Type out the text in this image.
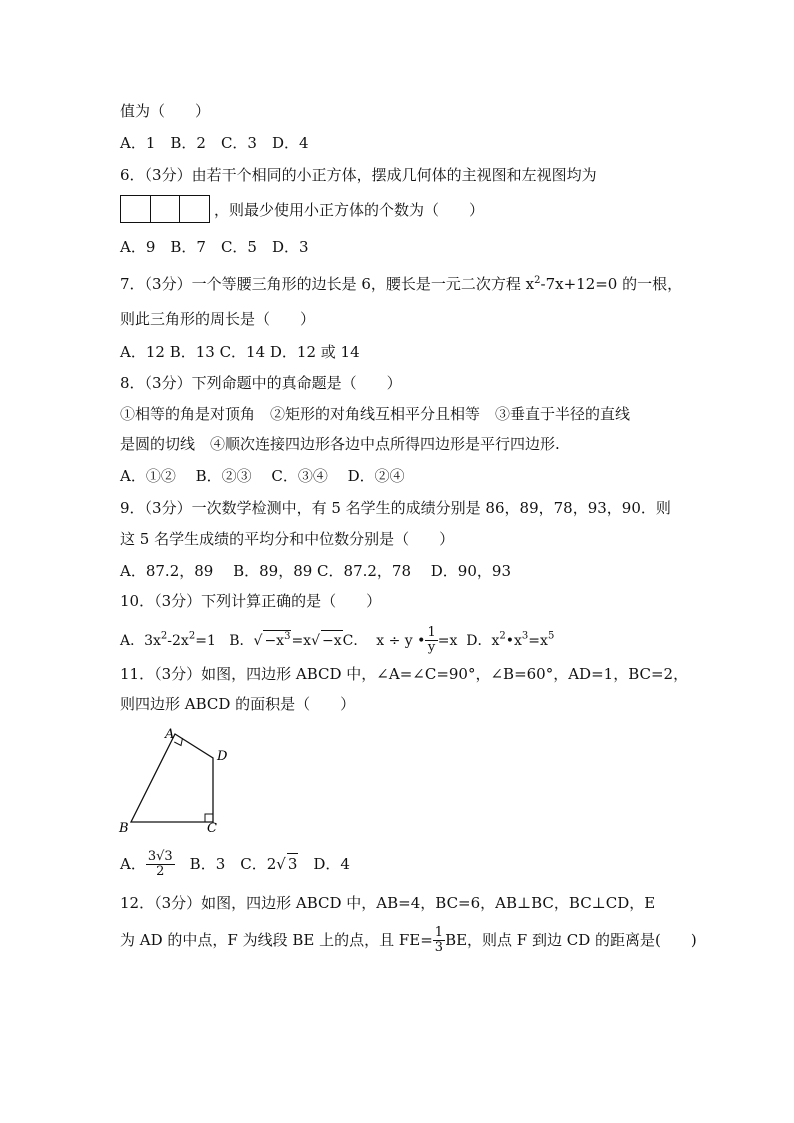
值为（　　）
A．1　B．2　C．3　D．4
6．（3分）由若干个相同的小正方体，摆成几何体的主视图和左视图均为
，则最少使用小正方体的个数为（　　）
A．9　B．7　C．5　D．3
7．（3分）一个等腰三角形的边长是 6，腰长是一元二次方程 $x^2-7x+12=0$ 的一根，
则此三角形的周长是（　　）
A．12 B．13 C．14 D．12 或 14
8．（3分）下列命题中的真命题是（　　）
①相等的角是对顶角　②矩形的对角线互相平分且相等　③垂直于半径的直线
是圆的切线　④顺次连接四边形各边中点所得四边形是平行四边形.
A．①②　 B．②③　 C．③④　 D．②④
9．（3分）一次数学检测中，有 5 名学生的成绩分别是 86，89，78，93，90．则
这 5 名学生成绩的平均分和中位数分别是（　　）
A．87.2，89　 B．89，89 C．87.2，78　 D．90，93
10．（3分）下列计算正确的是（　　）
A．$3x^2-2x^2=1$ B．√ $-x^3=x√ -xC$． x ÷ y • $\frac{1}{y} =x$ D．$x^2•x^3=x^5$
11．（3分）如图，四边形 ABCD 中，∠A=∠C=90°，∠B=60°，AD=1，BC=2，
则四边形 ABCD 的面积是（　　）
A
D
B	C
A． $\frac{3√3}{2}$ 　B．3　C．2√ 3　D．4
12．（3分）如图，四边形 ABCD 中，AB=4，BC=6，AB⊥BC，BC⊥CD，E
为 AD 的中点，F 为线段 BE 上的点，且 $FE= \frac{1}{3}$ BE，则点 F 到边 CD 的距离是(　　)
